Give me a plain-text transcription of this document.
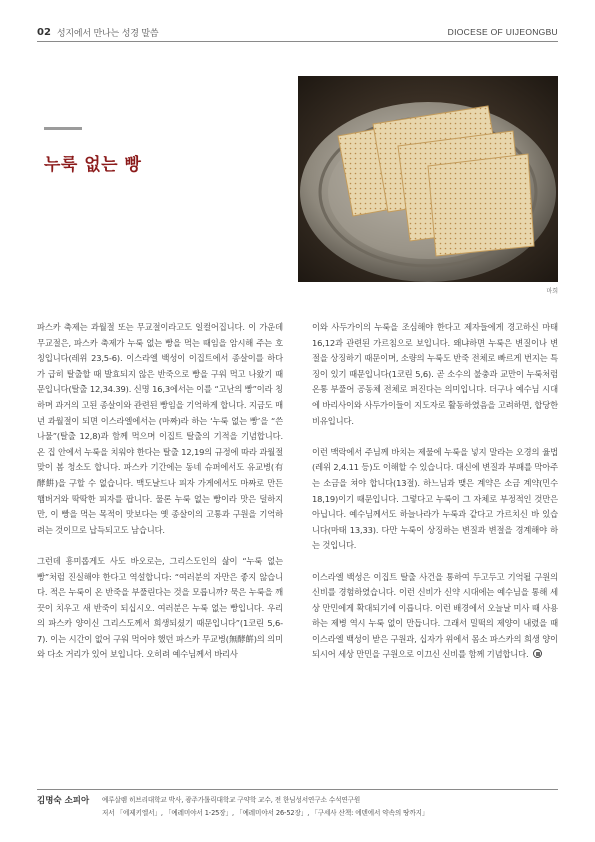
02 성지에서 만나는 성경 말씀	DIOCESE OF UIJEONGBU
누룩 없는 빵
마희

파스카 축제는 과월절 또는 무교절이라고도 일컬어집니다. 이 가운데 무교절은, 파스카 축제가 누룩 없는 빵을 먹는 때임을 암시해 주는 호칭입니다(레위 23,5-6). 이스라엘 백성이 이집트에서 종살이를 하다가 급히 탈출할 때 발효되지 않은 반죽으로 빵을 구워 먹고 나왔기 때문입니다(탈출 12,34.39). 신명 16,3에서는 이를 “고난의 빵”이라 칭하며 과거의 고된 종살이와 관련된 빵임을 기억하게 합니다. 지금도 매년 과월절이 되면 이스라엘에서는 (마짜)라 하는 ‘누룩 없는 빵’을 “쓴나물”(탈출 12,8)과 함께 먹으며 이집트 탈출의 기적을 기념합니다. 온 집 안에서 누룩을 치워야 한다는 탈출 12,19의 규정에 따라 과월절맞이 봄 청소도 합니다. 파스카 기간에는 동네 슈퍼에서도 유교병(有酵餠)을 구할 수 없습니다. 맥도날드나 피자 가게에서도 마짜로 만든 햄버거와 딱딱한 피자를 팝니다. 물론 누룩 없는 빵이라 맛은 덜하지만, 이 빵을 먹는 목적이 맛보다는 옛 종살이의 고통과 구원을 기억하려는 것이므로 납득되고도 남습니다.

그런데 흥미롭게도 사도 바오로는, 그리스도인의 삶이 “누룩 없는 빵”처럼 진실해야 한다고 역설합니다: “여러분의 자만은 좋지 않습니다. 적은 누룩이 온 반죽을 부풀린다는 것을 모릅니까? 묵은 누룩을 깨끗이 치우고 새 반죽이 되십시오. 여러분은 누룩 없는 빵입니다. 우리의 파스카 양이신 그리스도께서 희생되셨기 때문입니다”(1코린 5,6-7). 이는 시간이 없어 구워 먹어야 했던 파스카 무교병(無酵餠)의 의미와 다소 거리가 있어 보입니다. 오히려 예수님께서 바리사

이와 사두가이의 누룩을 조심해야 한다고 제자들에게 경고하신 마태 16,12과 관련된 가르침으로 보입니다. 왜냐하면 누룩은 변질이나 변절을 상징하기 때문이며, 소량의 누룩도 반죽 전체로 빠르게 번지는 특징이 있기 때문입니다(1코린 5,6). 곧 소수의 불충과 교만이 누룩처럼 온통 부풀어 공동체 전체로 퍼진다는 의미입니다. 더구나 예수님 시대에 바리사이와 사두가이들이 지도자로 활동하였음을 고려하면, 합당한 비유입니다.

이런 맥락에서 주님께 바치는 제물에 누룩을 넣지 말라는 오경의 율법(레위 2,4.11 등)도 이해할 수 있습니다. 대신에 변질과 부패를 막아주는 소금을 쳐야 합니다(13절). 하느님과 맺은 계약은 소금 계약(민수 18,19)이기 때문입니다. 그렇다고 누룩이 그 자체로 부정적인 것만은 아닙니다. 예수님께서도 하늘나라가 누룩과 같다고 가르치신 바 있습니다(마태 13,33). 다만 누룩이 상징하는 변질과 변절을 경계해야 하는 것입니다.

이스라엘 백성은 이집트 탈출 사건을 통하여 두고두고 기억될 구원의 신비를 경험하였습니다. 이런 신비가 신약 시대에는 예수님을 통해 세상 만민에게 확대되기에 이릅니다. 이런 배경에서 오늘날 미사 때 사용하는 제병 역시 누룩 없이 만듭니다. 그래서 밀떡의 제양이 내렸을 때 이스라엘 백성이 받은 구원과, 십자가 위에서 몸소 파스카의 희생 양이 되시어 세상 만민을 구원으로 이끄신 신비를 함께 기념합니다.

김명숙 소피아 예루살렘 히브리대학교 박사, 광주가톨릭대학교 구약학 교수, 전 한님성서연구소 수석연구원
저서 「에제키엘서」, 「예레미야서 1-25장」, 「예레미야서 26-52장」, 「구세사 산책: 에덴에서 약속의 땅까지」
